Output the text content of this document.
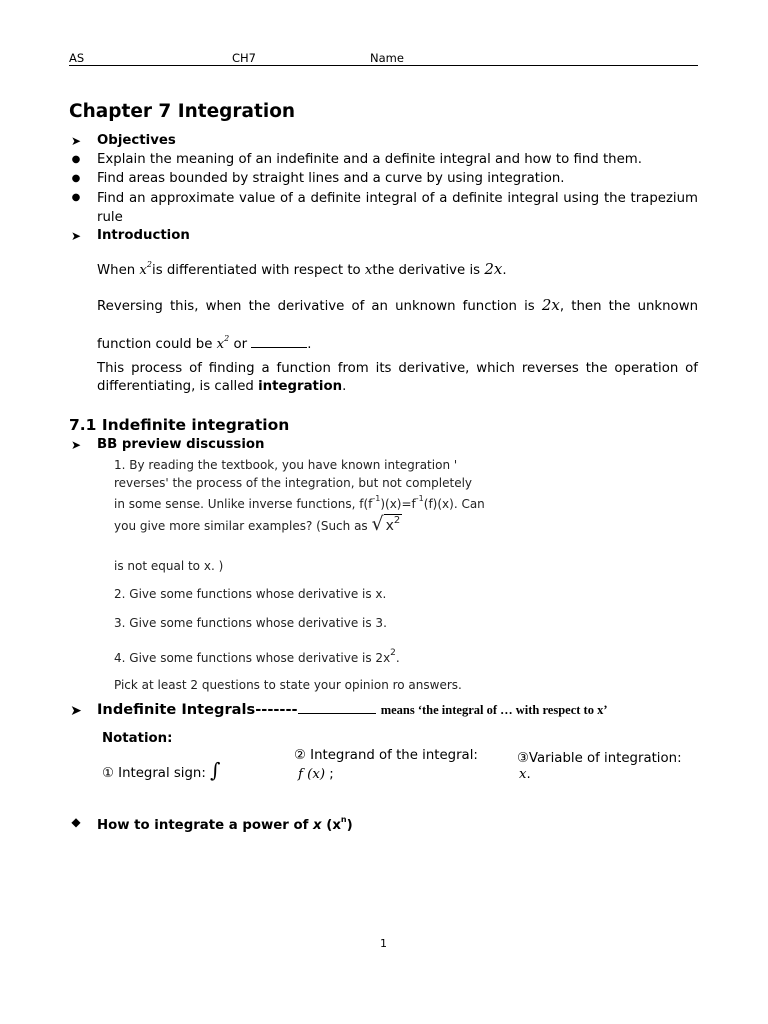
AS	CH7	Name
Chapter 7 Integration
➤ Objectives
● Explain the meaning of an indefinite and a definite integral and how to find them.
● Find areas bounded by straight lines and a curve by using integration.
● Find an approximate value of a definite integral of a definite integral using the trapezium rule
➤ Introduction
When $x^2is$ differentiated with respect to xthe derivative is 2x.
Reversing this, when the derivative of an unknown function is 2x, then the unknown
function could be $x^2$ or	.
This process of finding a function from its derivative, which reverses the operation of
differentiating, is called integration.
7.1 Indefinite integration
➤ BB preview discussion
1. By reading the textbook, you have known integration '
reverses' the process of the integration, but not completely
in some sense. Unlike inverse functions, $f(f^{-1})(x)=f^{-1}(f)(x)$. Can
you give more similar examples? (Such as √ $x^2$
is not equal to x. )
2. Give some functions whose derivative is x.
3. Give some functions whose derivative is 3.
4. Give some functions whose derivative is $2x^2$.
Pick at least 2 questions to state your opinion ro answers.
➤ Indefinite Integrals-------	means ‘the integral of … with respect to x’
Notation:
① Integral sign: ∫
② Integrand of the integral:
f (x) ;
③Variable of integration:
x.
◆ How to integrate a power of x $(x^n)$
1
